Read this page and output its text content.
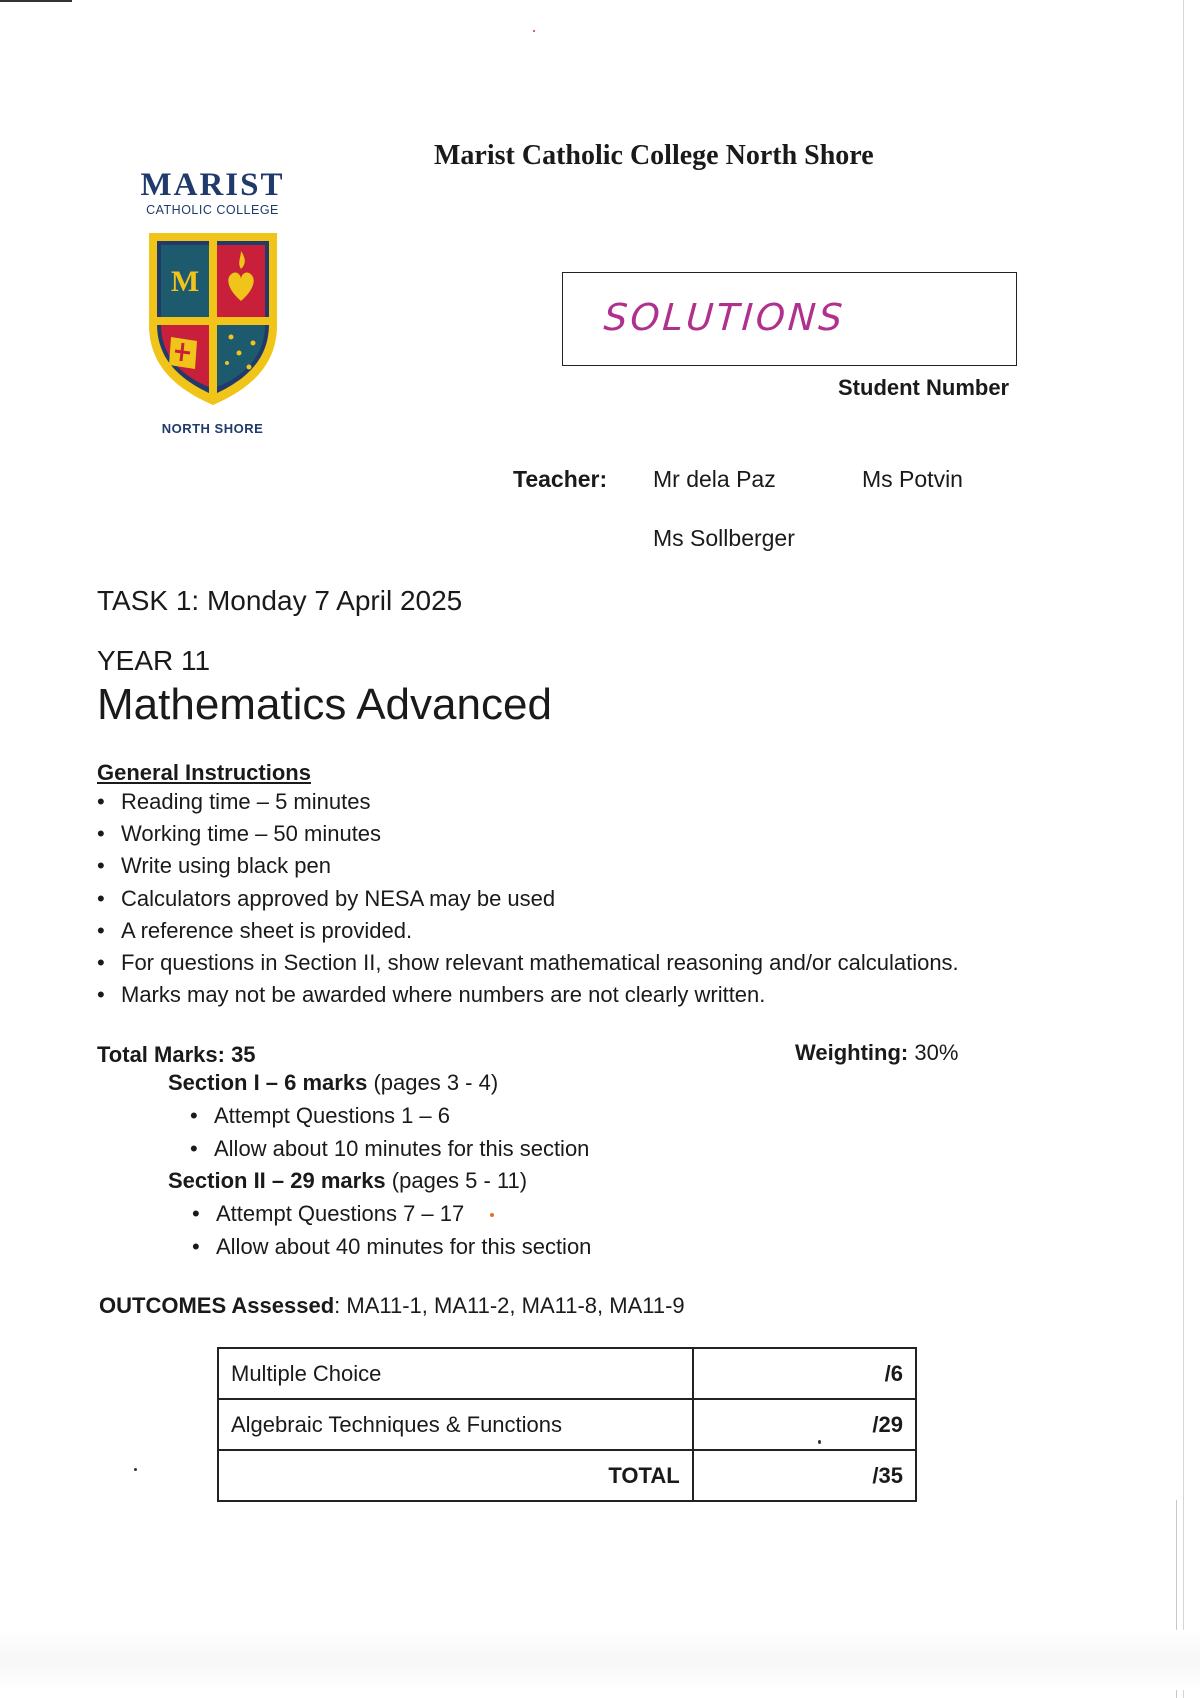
MARIST
CATHOLIC COLLEGE
M
NORTH SHORE
Marist Catholic College North Shore
SOLUTIONS
Student Number
Teacher: Mr dela Paz	Ms Potvin
Ms Sollberger
TASK 1: Monday 7 April 2025
YEAR 11
Mathematics Advanced
General Instructions
• Reading time – 5 minutes
• Working time – 50 minutes
• Write using black pen
• Calculators approved by NESA may be used
• A reference sheet is provided.
• For questions in Section II, show relevant mathematical reasoning and/or calculations.
• Marks may not be awarded where numbers are not clearly written.
Total Marks: 35	Weighting: 30%
Section I – 6 marks (pages 3 - 4)
• Attempt Questions 1 – 6
• Allow about 10 minutes for this section
Section II – 29 marks (pages 5 - 11)
• Attempt Questions 7 – 17
• Allow about 40 minutes for this section
OUTCOMES Assessed: MA11-1, MA11-2, MA11-8, MA11-9
Multiple Choice	/6
Algebraic Techniques & Functions	/29
TOTAL	/35
